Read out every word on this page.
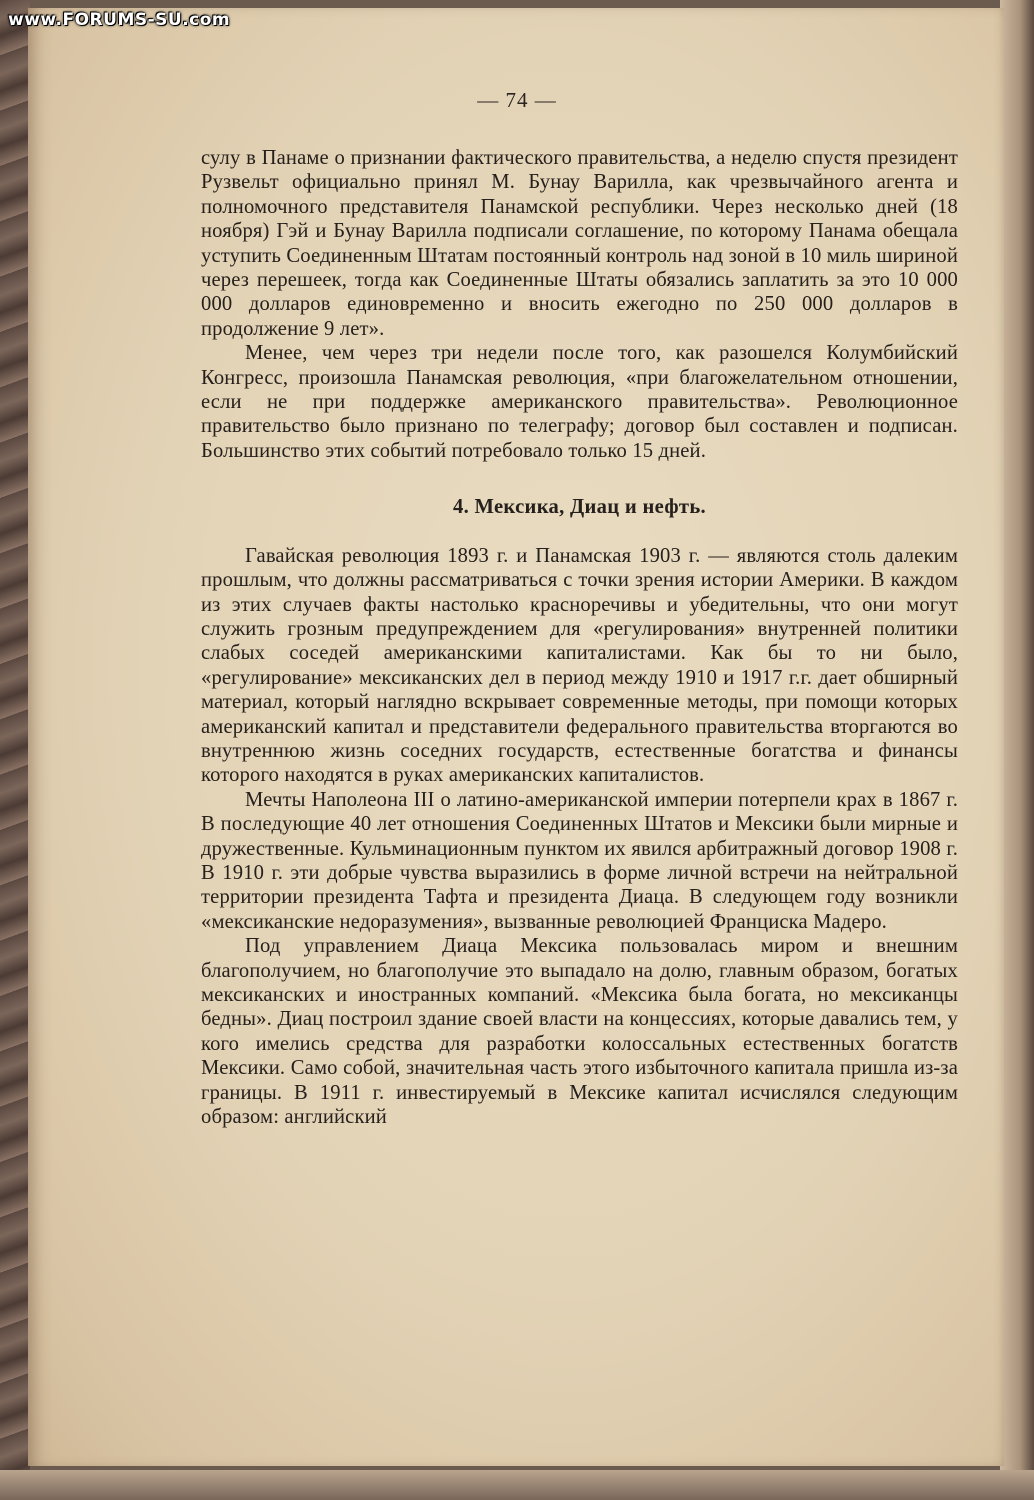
www.FORUMS-SU.com
— 74 —

сулу в Панаме о признании фактического правительства, а неделю спустя президент Рузвельт официально принял М. Бунау Варилла, как чрезвычайного агента и полномочного представителя Панамской республики. Через несколько дней (18 ноября) Гэй и Бунау Варилла подписали соглашение, по которому Панама обещала уступить Соединенным Штатам постоянный контроль над зоной в 10 миль шириной через перешеек, тогда как Соединенные Штаты обязались заплатить за это 10 000 000 долларов единовременно и вносить ежегодно по 250 000 долларов в продолжение 9 лет».

Менее, чем через три недели после того, как разошелся Колумбийский Конгресс, произошла Панамская революция, «при благожелательном отношении, если не при поддержке американского правительства». Революционное правительство было признано по телеграфу; договор был составлен и подписан. Большинство этих событий потребовало только 15 дней.

4. Мексика, Диац и нефть.

Гавайская революция 1893 г. и Панамская 1903 г. — являются столь далеким прошлым, что должны рассматриваться с точки зрения истории Америки. В каждом из этих случаев факты настолько красноречивы и убедительны, что они могут служить грозным предупреждением для «регулирования» внутренней политики слабых соседей американскими капиталистами. Как бы то ни было, «регулирование» мексиканских дел в период между 1910 и 1917 г.г. дает обширный материал, который наглядно вскрывает современные методы, при помощи которых американский капитал и представители федерального правительства вторгаются во внутреннюю жизнь соседних государств, естественные богатства и финансы которого находятся в руках американских капиталистов.

Мечты Наполеона III о латино-американской империи потерпели крах в 1867 г. В последующие 40 лет отношения Соединенных Штатов и Мексики были мирные и дружественные. Кульминационным пунктом их явился арбитражный договор 1908 г. В 1910 г. эти добрые чувства выразились в форме личной встречи на нейтральной территории президента Тафта и президента Диаца. В следующем году возникли «мексиканские недоразумения», вызванные революцией Франциска Мадеро.

Под управлением Диаца Мексика пользовалась миром и внешним благополучием, но благополучие это выпадало на долю, главным образом, богатых мексиканских и иностранных компаний. «Мексика была богата, но мексиканцы бедны». Диац построил здание своей власти на концессиях, которые давались тем, у кого имелись средства для разработки колоссальных естественных богатств Мексики. Само собой, значительная часть этого избыточного капитала пришла из-за границы. В 1911 г. инвестируемый в Мексике капитал исчислялся следующим образом: английский
